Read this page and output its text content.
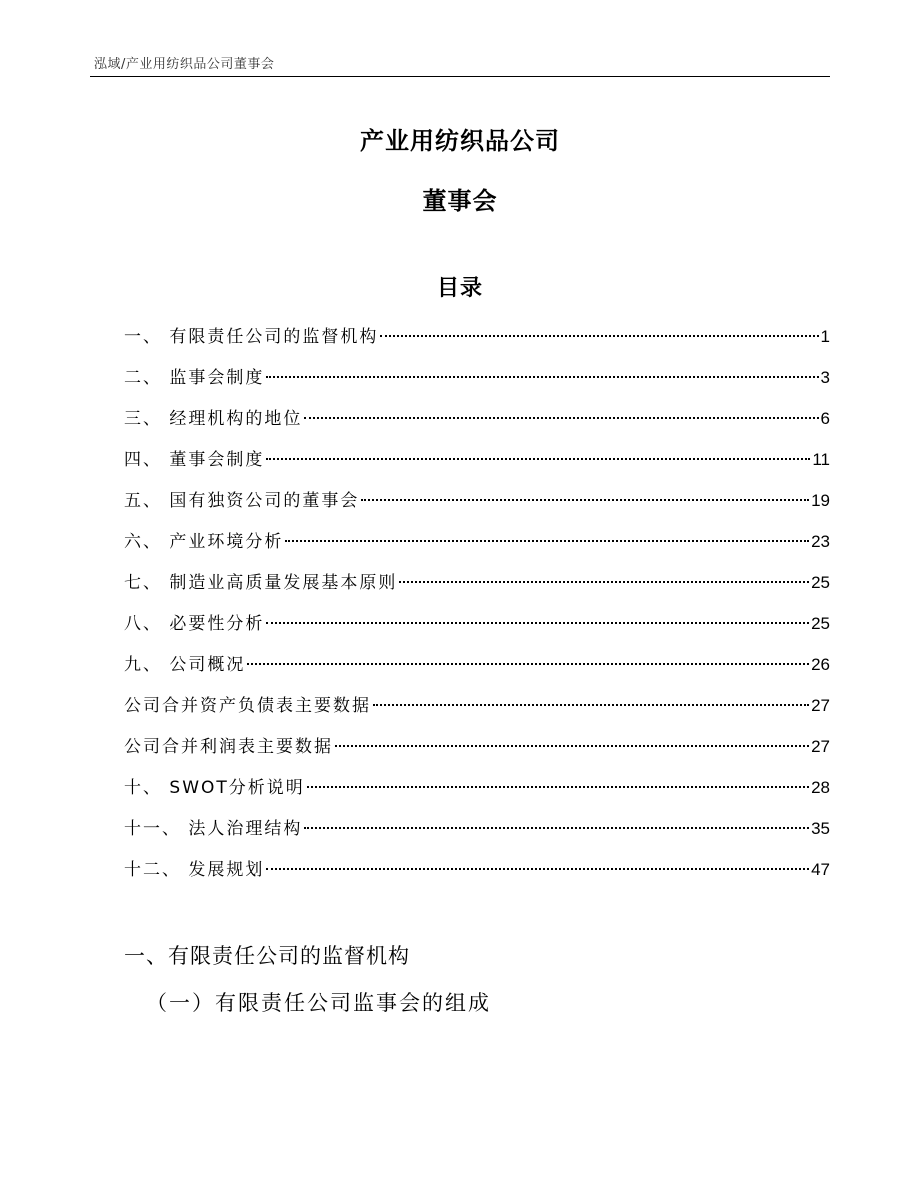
泓域/产业用纺织品公司董事会
产业用纺织品公司
董事会
目录
一、 有限责任公司的监督机构	1
二、 监事会制度	3
三、 经理机构的地位	6
四、 董事会制度	11
五、 国有独资公司的董事会	19
六、 产业环境分析	23
七、 制造业高质量发展基本原则	25
八、 必要性分析	25
九、 公司概况	26
公司合并资产负债表主要数据	27
公司合并利润表主要数据	27
十、 SWOT分析说明	28
十一、 法人治理结构	35
十二、 发展规划	47
一、有限责任公司的监督机构
（一）有限责任公司监事会的组成
